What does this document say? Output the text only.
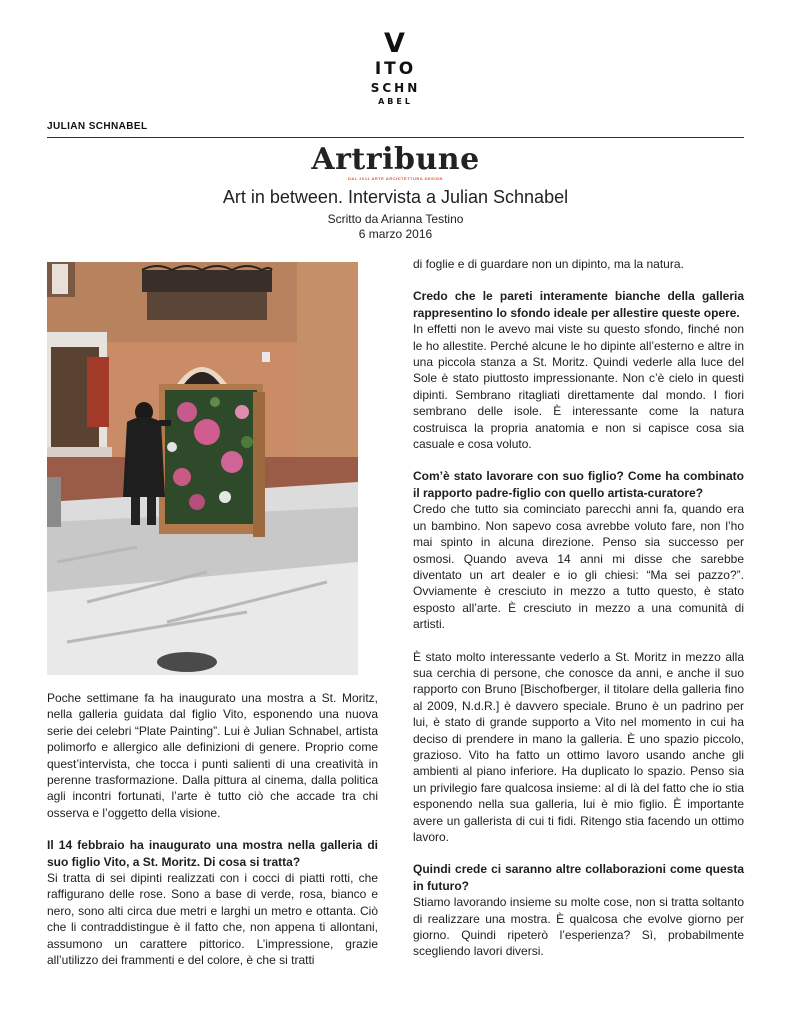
V
ITO
SCHN
ABEL
JULIAN SCHNABEL
Artribune
DAL 2011 ARTE ARCHITETTURA DESIGN
Art in between. Intervista a Julian Schnabel
Scritto da Arianna Testino
6 marzo 2016

Poche settimane fa ha inaugurato una mostra a St. Moritz, nella galleria guidata dal figlio Vito, esponendo una nuova serie dei celebri “Plate Painting”. Lui è Julian Schnabel, artista polimorfo e allergico alle definizioni di genere. Proprio come quest’intervista, che tocca i punti salienti di una creatività in perenne trasformazione. Dalla pittura al cinema, dalla politica agli incontri fortunati, l’arte è tutto ciò che accade tra chi osserva e l’oggetto della visione.

Il 14 febbraio ha inaugurato una mostra nella galleria di suo figlio Vito, a St. Moritz. Di cosa si tratta?

Si tratta di sei dipinti realizzati con i cocci di piatti rotti, che raffigurano delle rose. Sono a base di verde, rosa, bianco e nero, sono alti circa due metri e larghi un metro e ottanta. Ciò che li contraddistingue è il fatto che, non appena ti allontani, assumono un carattere pittorico. L’impressione, grazie all’utilizzo dei frammenti e del colore, è che si tratti

di foglie e di guardare non un dipinto, ma la natura.

Credo che le pareti interamente bianche della galleria rappresentino lo sfondo ideale per allestire queste opere.

In effetti non le avevo mai viste su questo sfondo, finché non le ho allestite. Perché alcune le ho dipinte all’esterno e altre in una piccola stanza a St. Moritz. Quindi vederle alla luce del Sole è stato piuttosto impressionante. Non c’è cielo in questi dipinti. Sembrano ritagliati direttamente dal mondo. I fiori sembrano delle isole. È interessante come la natura costruisca la propria anatomia e non si capisce cosa sia casuale e cosa voluto.

Com’è stato lavorare con suo figlio? Come ha combinato il rapporto padre-figlio con quello artista-curatore?

Credo che tutto sia cominciato parecchi anni fa, quando era un bambino. Non sapevo cosa avrebbe voluto fare, non l’ho mai spinto in alcuna direzione. Penso sia successo per osmosi. Quando aveva 14 anni mi disse che sarebbe diventato un art dealer e io gli chiesi: “Ma sei pazzo?”. Ovviamente è cresciuto in mezzo a tutto questo, è stato esposto all’arte. È cresciuto in mezzo a una comunità di artisti.

È stato molto interessante vederlo a St. Moritz in mezzo alla sua cerchia di persone, che conosce da anni, e anche il suo rapporto con Bruno [Bischofberger, il titolare della galleria fino al 2009, N.d.R.] è davvero speciale. Bruno è un padrino per lui, è stato di grande supporto a Vito nel momento in cui ha deciso di prendere in mano la galleria. È uno spazio piccolo, grazioso. Vito ha fatto un ottimo lavoro usando anche gli ambienti al piano inferiore. Ha duplicato lo spazio. Penso sia un privilegio fare qualcosa insieme: al di là del fatto che io stia esponendo nella sua galleria, lui è mio figlio. È importante avere un gallerista di cui ti fidi. Ritengo stia facendo un ottimo lavoro.

Quindi crede ci saranno altre collaborazioni come questa in futuro?

Stiamo lavorando insieme su molte cose, non si tratta soltanto di realizzare una mostra. È qualcosa che evolve giorno per giorno. Quindi ripeterò l’esperienza? Sì, probabilmente scegliendo lavori diversi.
